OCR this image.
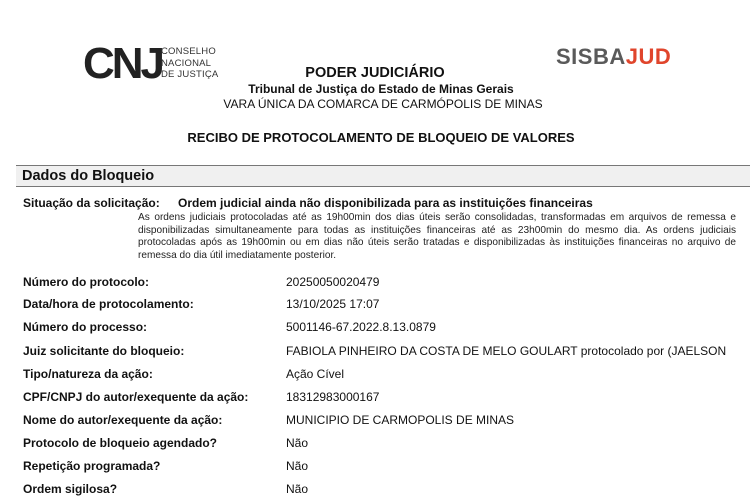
CNJ
CONSELHO
NACIONAL
DE JUSTIÇA
SISBAJUD
PODER JUDICIÁRIO
Tribunal de Justiça do Estado de Minas Gerais
VARA ÚNICA DA COMARCA DE CARMÓPOLIS DE MINAS
RECIBO DE PROTOCOLAMENTO DE BLOQUEIO DE VALORES
Dados do Bloqueio
Situação da solicitação: Ordem judicial ainda não disponibilizada para as instituições financeiras
As ordens judiciais protocoladas até as 19h00min dos dias úteis serão consolidadas, transformadas em arquivos de remessa e disponibilizadas simultaneamente para todas as instituições financeiras até as 23h00min do mesmo dia. As ordens judiciais protocoladas após as 19h00min ou em dias não úteis serão tratadas e disponibilizadas às instituições financeiras no arquivo de remessa do dia útil imediatamente posterior.
Número do protocolo:	20250050020479
Data/hora de protocolamento:	13/10/2025 17:07
Número do processo:	5001146-67.2022.8.13.0879
Juiz solicitante do bloqueio:	FABIOLA PINHEIRO DA COSTA DE MELO GOULART protocolado por (JAELSON
Tipo/natureza da ação:	Ação Cível
CPF/CNPJ do autor/exequente da ação:	18312983000167
Nome do autor/exequente da ação:	MUNICIPIO DE CARMOPOLIS DE MINAS
Protocolo de bloqueio agendado?	Não
Repetição programada?	Não
Ordem sigilosa?	Não
